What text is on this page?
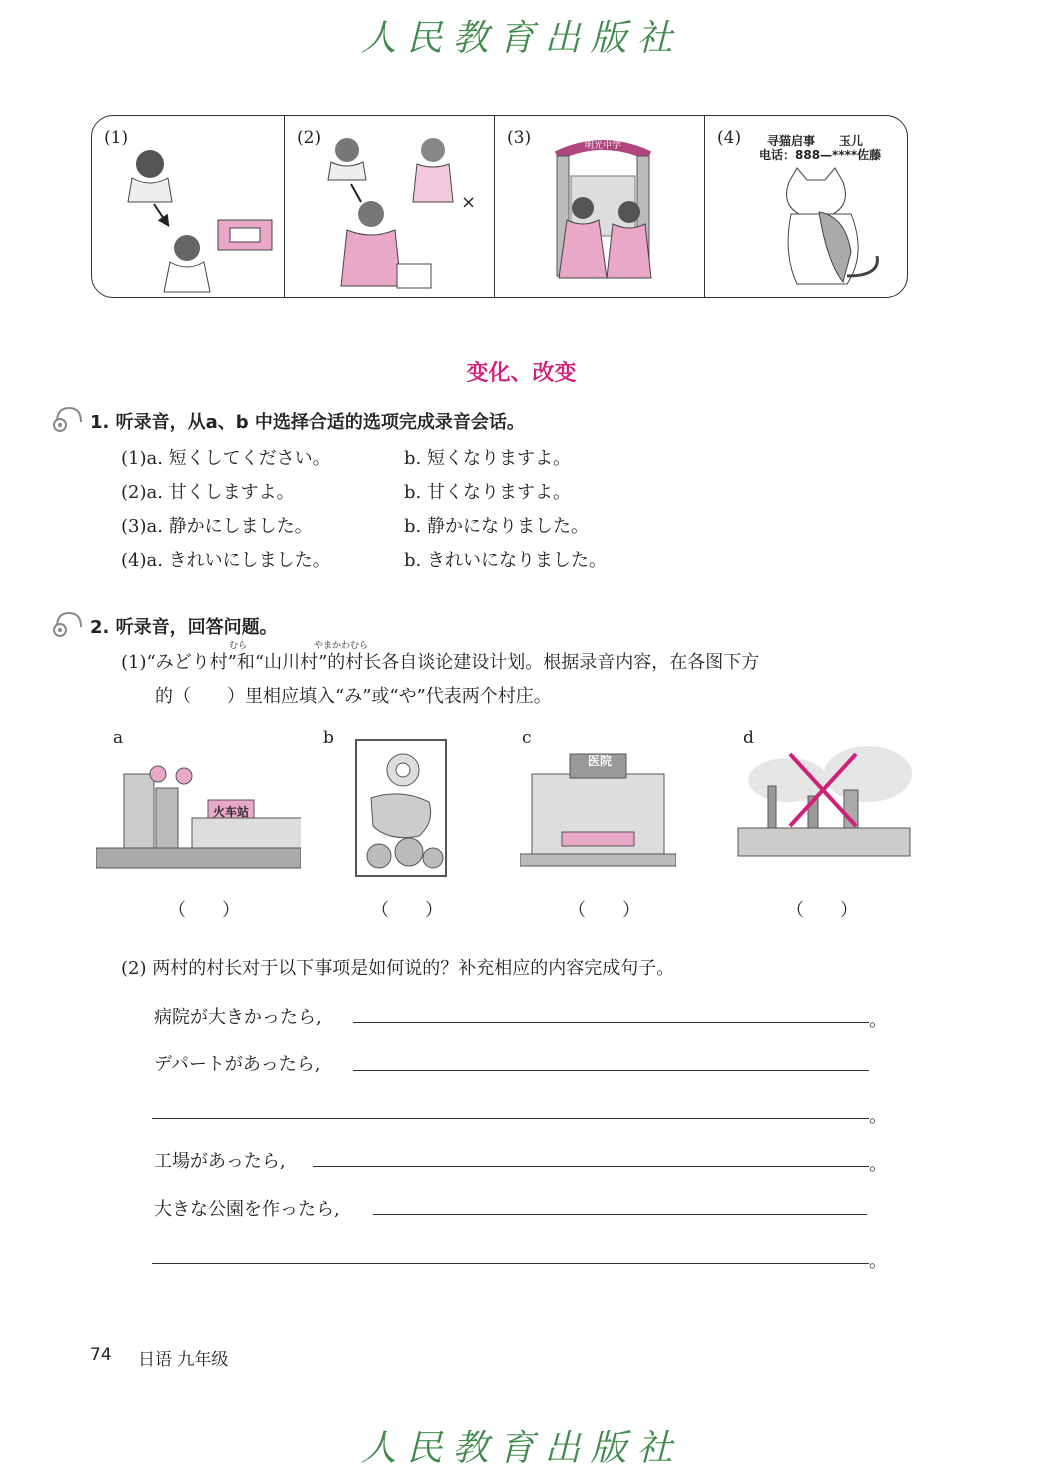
人民教育出版社
(1)	(2)
×
(3)	明光中学	(4) 寻猫启事　　玉儿
电话：888—****佐藤
变化、改变
1. 听录音，从a、b 中选择合适的选项完成录音会话。
(1)a. 短くしてください。	b. 短くなりますよ。
(2)a. 甘くしますよ。	b. 甘くなりますよ。
(3)a. 静かにしました。	b. 静かになりました。
(4)a. きれいにしました。	b. きれいになりました。
2. 听录音，回答问题。
むら	やまかわむら
(1)“みどり村”和“山川村”的村长各自谈论建设计划。根据录音内容，在各图下方
的（　　）里相应填入“み”或“や”代表两个村庄。
a
火车站
b	c
医院
d
（　　）	（　　）	（　　）	（　　）
(2) 两村的村长对于以下事项是如何说的？补充相应的内容完成句子。
病院が大きかったら,	。
デパートがあったら,
。
工場があったら,	。
大きな公園を作ったら,
。
74 日语 九年级
人民教育出版社
